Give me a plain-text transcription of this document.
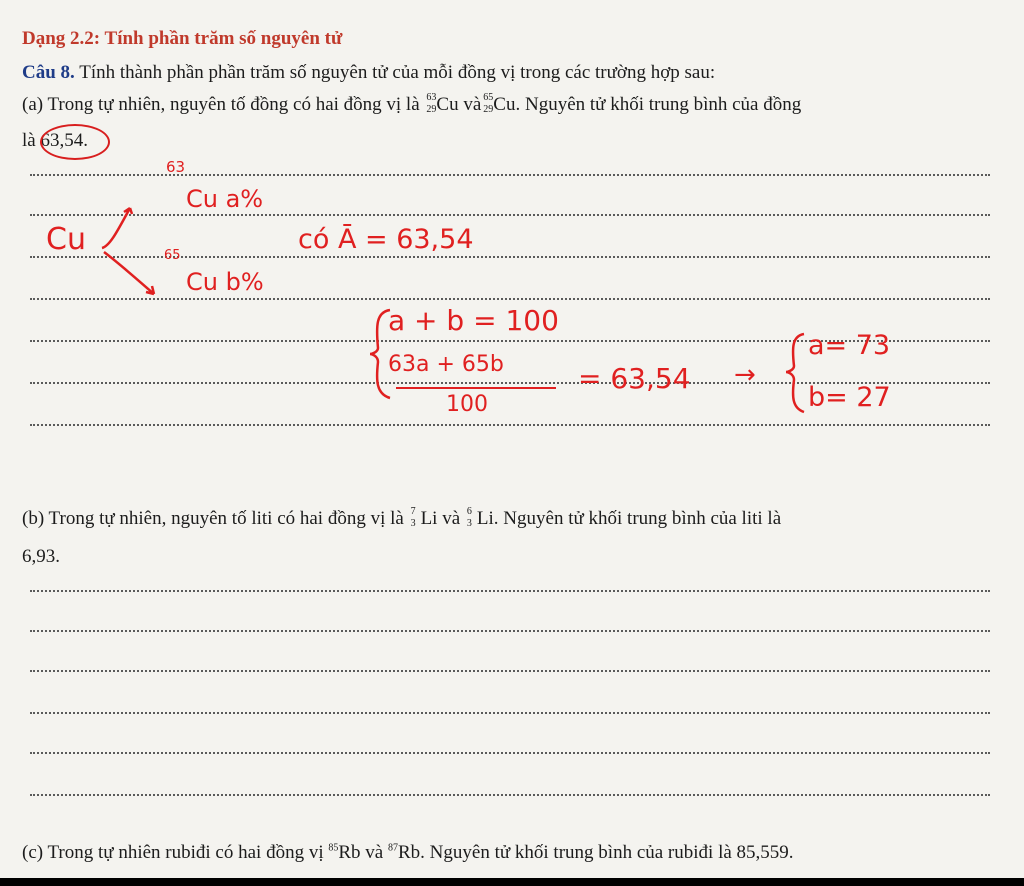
Dạng 2.2: Tính phần trăm số nguyên tử
Câu 8. Tính thành phần phần trăm số nguyên tử của mỗi đồng vị trong các trường hợp sau:
(a) Trong tự nhiên, nguyên tố đồng có hai đồng vị là 63
29 Cu và 65
29 Cu. Nguyên tử khối trung bình của đồng
là 63,54.
Cu
63
Cu a%
65
Cu b%
có Ā = 63,54
a + b = 100
63a + 65b
100
= 63,54 →
a= 73
b= 27
(b) Trong tự nhiên, nguyên tố liti có hai đồng vị là 7
3 Li và 6
3 Li. Nguyên tử khối trung bình của liti là
6,93.
(c) Trong tự nhiên rubiđi có hai đồng vị $^{85}$Rb và $^{87}$Rb. Nguyên tử khối trung bình của rubiđi là 85,559.
